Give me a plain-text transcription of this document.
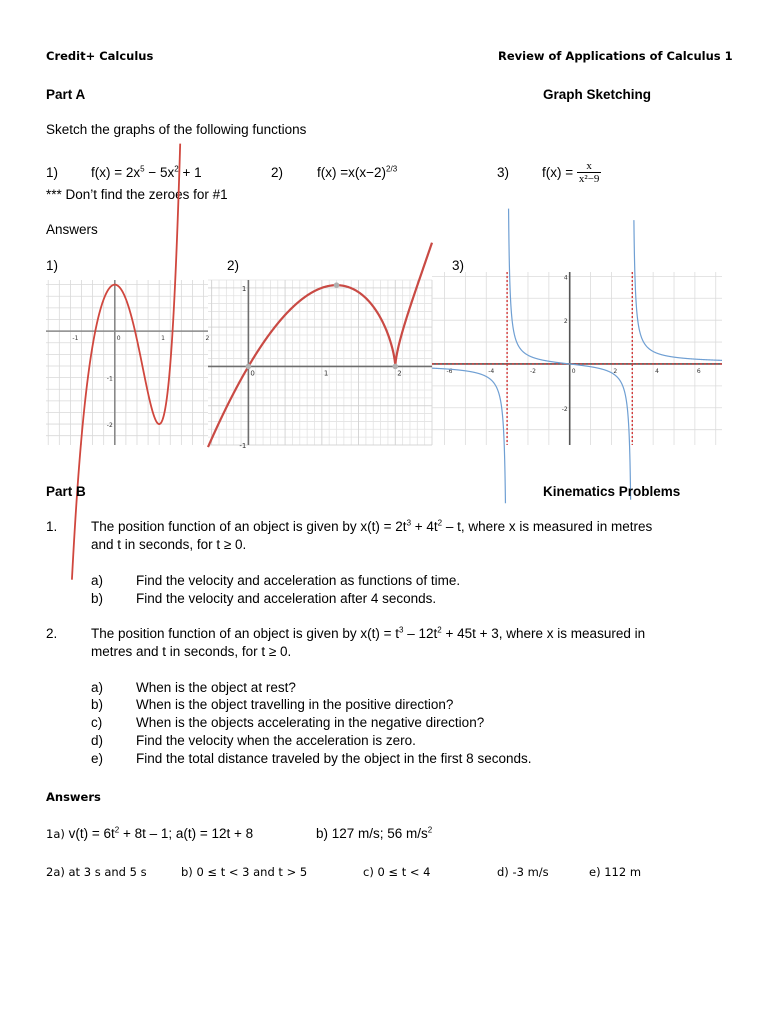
Credit+ Calculus	Review of Applications of Calculus 1
Part A	Graph Sketching
Sketch the graphs of the following functions
1) $f(x) = 2x^5 - 5x^2 + 1$	2)	$f(x) =x(x-2)^{2/3}$	3) f(x) =
$\frac{x}{\text{x²−9}}$
*** Don’t find the zeroes for #1
Answers
1)	2)	3)
-1	0	1	2
-1
-2
0	1	2
1
-1
-6	-4	-2	0	2	4	6
4
2
-2
Part B	Kinematics Problems
1. The position function of an object is given by $x(t) = 2t^3 + 4t^2 - t$, where x is measured in metres
and t in seconds, for t ≥ 0.
a) Find the velocity and acceleration as functions of time.
b) Find the velocity and acceleration after 4 seconds.
2. The position function of an object is given by $x(t) = t^3 - 12t^2 + 45t + 3$, where x is measured in
metres and t in seconds, for t ≥ 0.
a) When is the object at rest?
b) When is the object travelling in the positive direction?
c)	When is the objects accelerating in the negative direction?
d) Find the velocity when the acceleration is zero.
e) Find the total distance traveled by the object in the first 8 seconds.
Answers
1a) $v(t) = 6t^2 + 8t - 1$; a(t) = 12t + 8	b) 127 m/s; 56 $m/s^2$
2a) at 3 s and 5 s	b) 0 ≤ t < 3 and t > 5	c) 0 ≤ t < 4	d) -3 m/s	e) 112 m
